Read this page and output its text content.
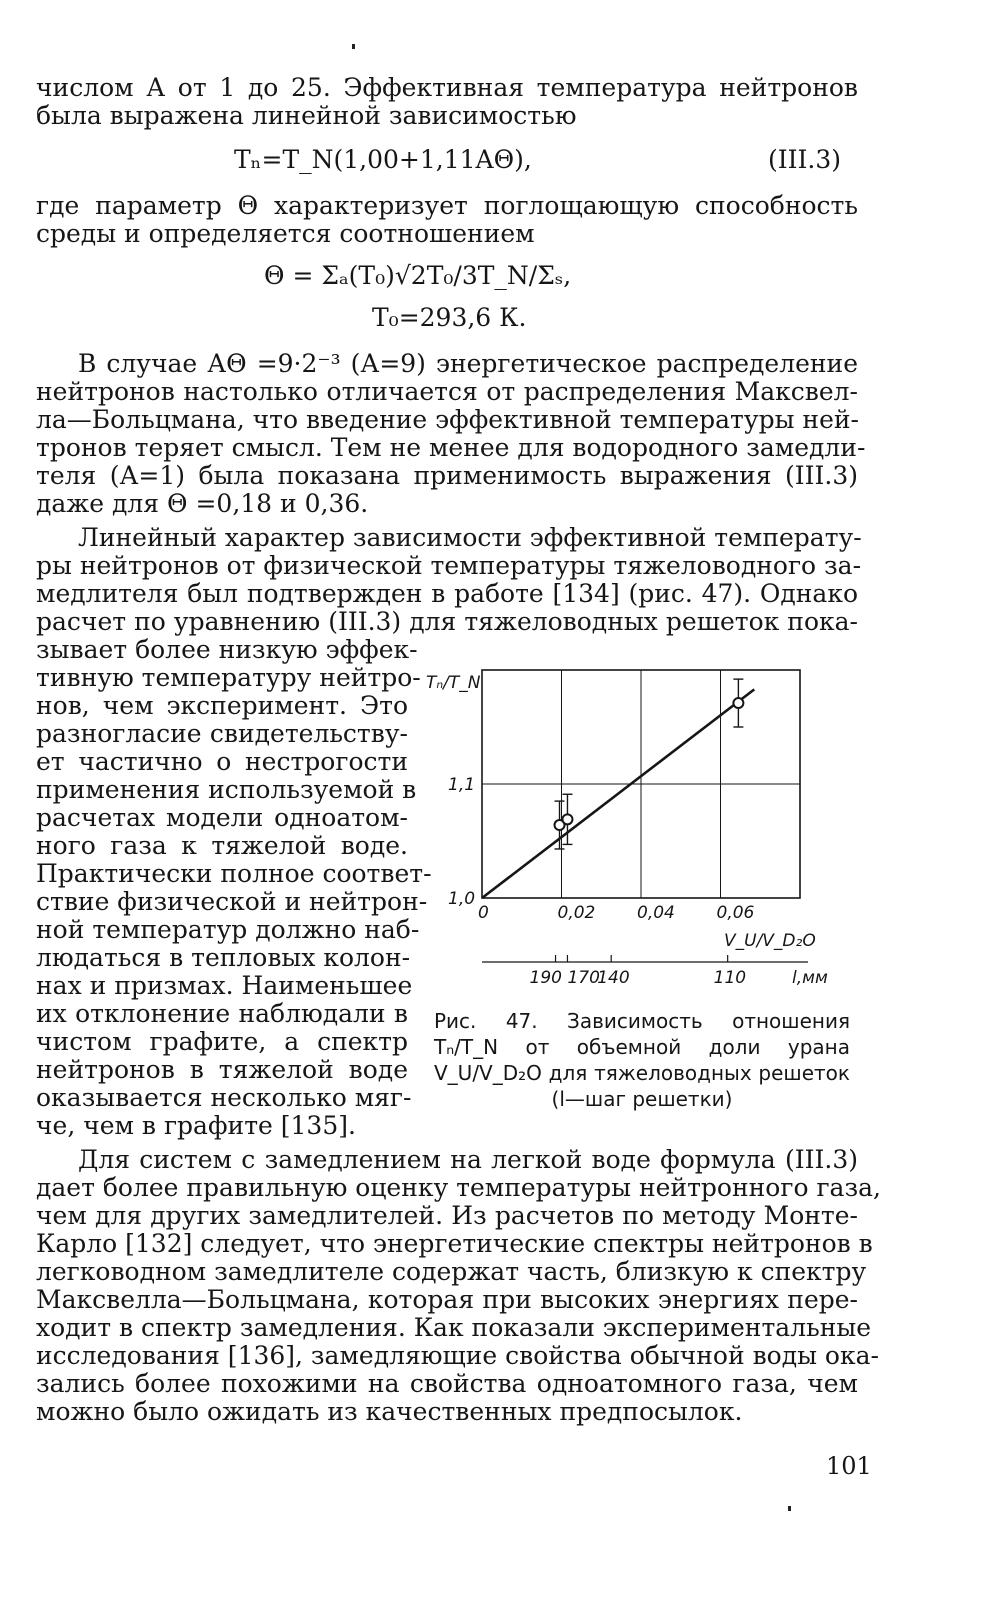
числом А от 1 до 25. Эффективная температура нейтронов
была выражена линейной зависимостью
Tₙ=T_N(1,00+1,11AΘ),	(III.3)
где параметр Θ характеризует поглощающую способность
среды и определяется соотношением
Θ = Σₐ(T₀)√2T₀/3T_N/Σₛ,
T₀=293,6 К.
В случае АΘ =9·2⁻³ (А=9) энергетическое распределение
нейтронов настолько отличается от распределения Максвел-
ла—Больцмана, что введение эффективной температуры ней-
тронов теряет смысл. Тем не менее для водородного замедли-
теля (А=1) была показана применимость выражения (III.3)
даже для Θ =0,18 и 0,36.
Линейный характер зависимости эффективной температу-
ры нейтронов от физической температуры тяжеловодного за-
медлителя был подтвержден в работе [134] (рис. 47). Однако
расчет по уравнению (III.3) для тяжеловодных решеток пока-
зывает более низкую эффек-
тивную температуру нейтро-
нов, чем эксперимент. Это
разногласие свидетельству-
ет частично о нестрогости
применения используемой в
расчетах модели одноатом-
ного газа к тяжелой воде.
Практически полное соответ-
ствие физической и нейтрон-
ной температур должно наб-
людаться в тепловых колон-
нах и призмах. Наименьшее
их отклонение наблюдали в
чистом графите, а спектр
нейтронов в тяжелой воде
оказывается несколько мяг-
че, чем в графите [135].
0	0,02 0,04 0,06
1,0
1,1
190 170
140	110	l,мм
Tₙ/T_N
V_U/V_D₂O
Рис. 47. Зависимость отношения
Tₙ/T_N от объемной доли урана
V_U/V_D₂O для тяжеловодных решеток
(l—шаг решетки)
Для систем с замедлением на легкой воде формула (III.3)
дает более правильную оценку температуры нейтронного газа,
чем для других замедлителей. Из расчетов по методу Монте-
Карло [132] следует, что энергетические спектры нейтронов в
легководном замедлителе содержат часть, близкую к спектру
Максвелла—Больцмана, которая при высоких энергиях пере-
ходит в спектр замедления. Как показали экспериментальные
исследования [136], замедляющие свойства обычной воды ока-
зались более похожими на свойства одноатомного газа, чем
можно было ожидать из качественных предпосылок.
101
